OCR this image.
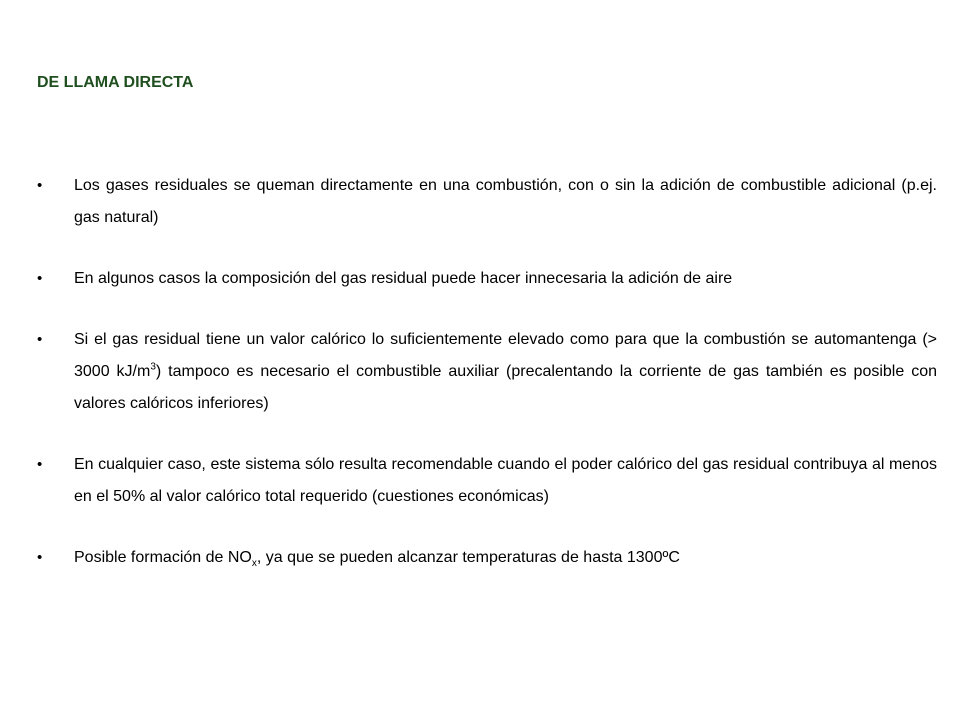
DE LLAMA DIRECTA
•	Los gases residuales se queman directamente en una combustión, con o sin la adición de combustible adicional (p.ej. gas natural)
•	En algunos casos la composición del gas residual puede hacer innecesaria la adición de aire
•	Si el gas residual tiene un valor calórico lo suficientemente elevado como para que la combustión se automantenga (> 3000 $kJ/m^3$) tampoco es necesario el combustible auxiliar (precalentando la corriente de gas también es posible con valores calóricos inferiores)
•	En cualquier caso, este sistema sólo resulta recomendable cuando el poder calórico del gas residual contribuya al menos en el 50% al valor calórico total requerido (cuestiones económicas)
•	Posible formación de $NO_x$, ya que se pueden alcanzar temperaturas de hasta 1300ºC
